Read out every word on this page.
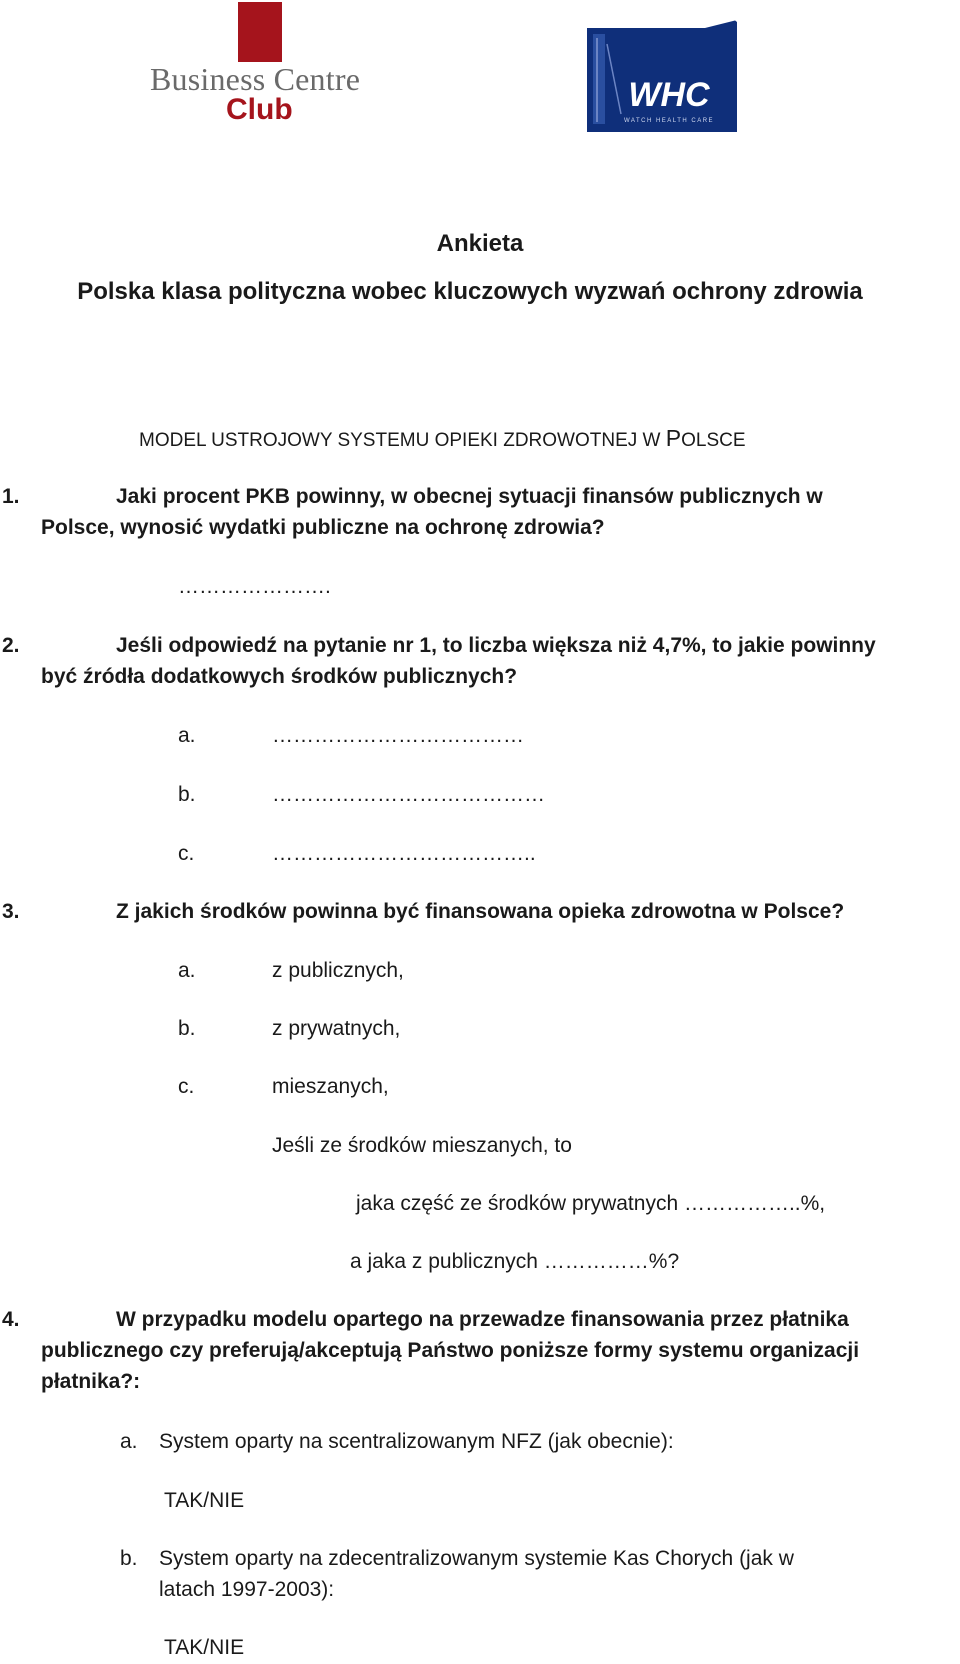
Business Centre
Club	WHC
WATCH HEALTH CARE
Ankieta
Polska klasa polityczna wobec kluczowych wyzwań ochrony zdrowia
MODEL USTROJOWY SYSTEMU OPIEKI ZDROWOTNEJ W POLSCE
1.	Jaki procent PKB powinny, w obecnej sytuacji finansów publicznych w
Polsce, wynosić wydatki publiczne na ochronę zdrowia?
………………….
2.	Jeśli odpowiedź na pytanie nr 1, to liczba większa niż 4,7%, to jakie powinny
być źródła dodatkowych środków publicznych?
a.	………………………………
b.	…………………………………
c.	………………………………..
3.	Z jakich środków powinna być finansowana opieka zdrowotna w Polsce?
a.	z publicznych,
b.	z prywatnych,
c.	mieszanych,
Jeśli ze środków mieszanych, to
jaka część ze środków prywatnych ……………..%,
a jaka z publicznych ……………%?
4.	W przypadku modelu opartego na przewadze finansowania przez płatnika
publicznego czy preferują/akceptują Państwo poniższe formy systemu organizacji
płatnika?:
a. System oparty na scentralizowanym NFZ (jak obecnie):
TAK/NIE
b. System oparty na zdecentralizowanym systemie Kas Chorych (jak w
latach 1997-2003):
TAK/NIE
